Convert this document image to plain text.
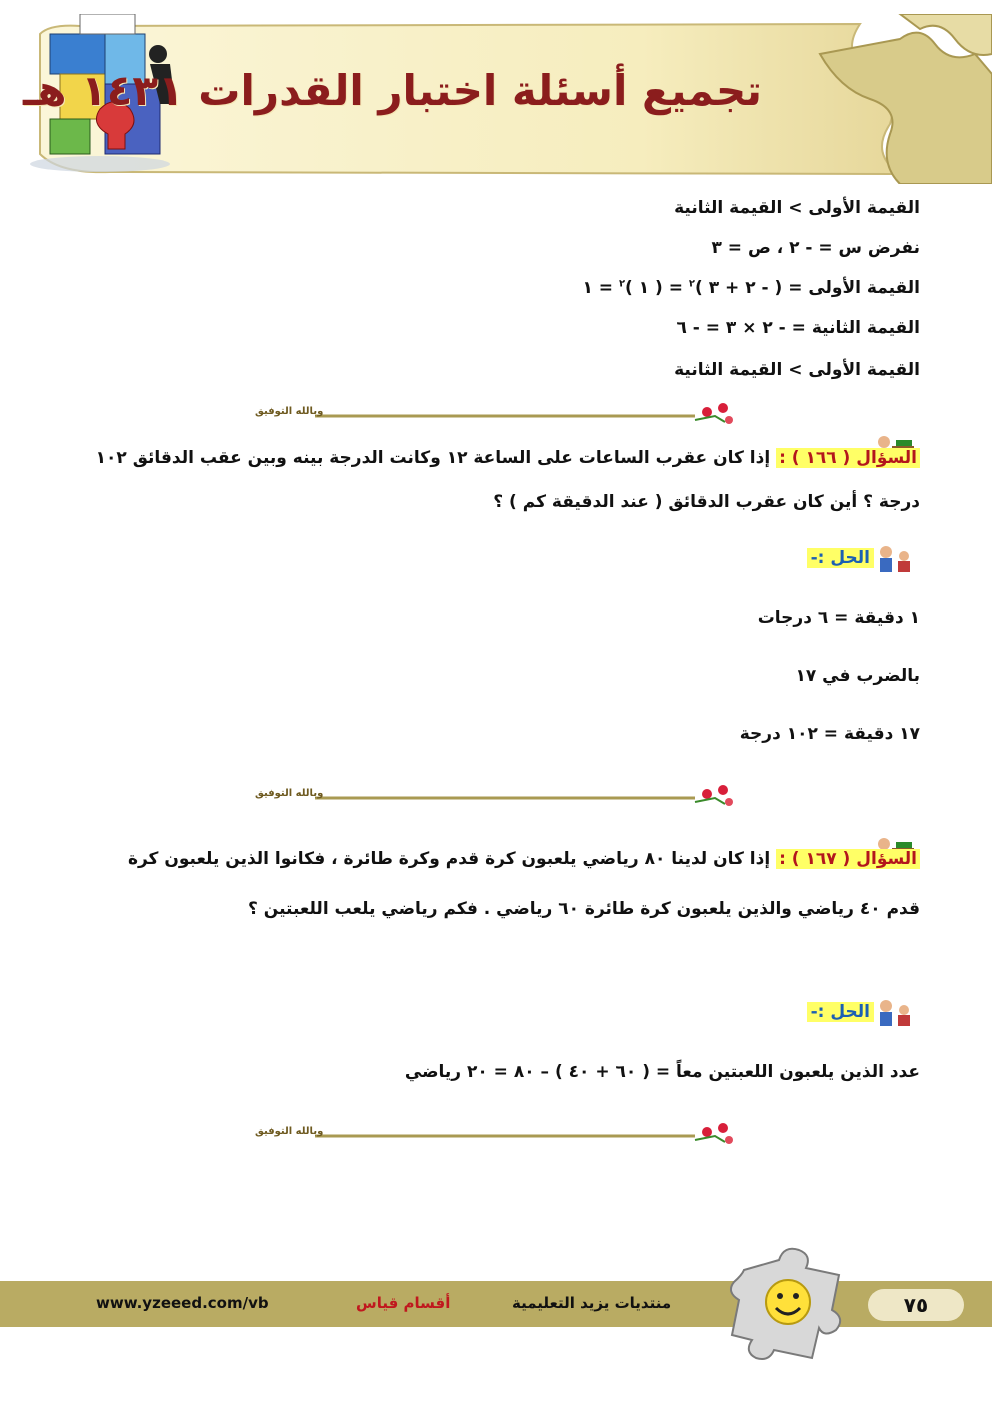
تجميع أسئلة اختبار القدرات ١٤٣١ هـ
القيمة الأولى > القيمة الثانية
نفرض س = - ٢ ، ص = ٣
القيمة الأولى = ( - ٢ + ٣ )$^٢$ = ( ١ )$^٢$ = ١
القيمة الثانية = - ٢ × ٣ = - ٦
القيمة الأولى > القيمة الثانية
وبالله التوفيق
السؤال ( ١٦٦ ) : إذا كان عقرب الساعات على الساعة ١٢ وكانت الدرجة بينه وبين عقب الدقائق ١٠٢ درجة ؟ أين كان عقرب الدقائق ( عند الدقيقة كم ) ؟
الحل :-
١ دقيقة = ٦ درجات
بالضرب في ١٧
١٧ دقيقة = ١٠٢ درجة
وبالله التوفيق
السؤال ( ١٦٧ ) : إذا كان لدينا ٨٠ رياضي يلعبون كرة قدم وكرة طائرة ، فكانوا الذين يلعبون كرة قدم ٤٠ رياضي والذين يلعبون كرة طائرة ٦٠ رياضي . فكم رياضي يلعب اللعبتين ؟
الحل :-
عدد الذين يلعبون اللعبتين معاً = ( ٦٠ + ٤٠ ) – ٨٠ = ٢٠ رياضي
وبالله التوفيق
www.yzeeed.com/vb	أقسام قياس	منتديات يزيد التعليمية	٧٥
